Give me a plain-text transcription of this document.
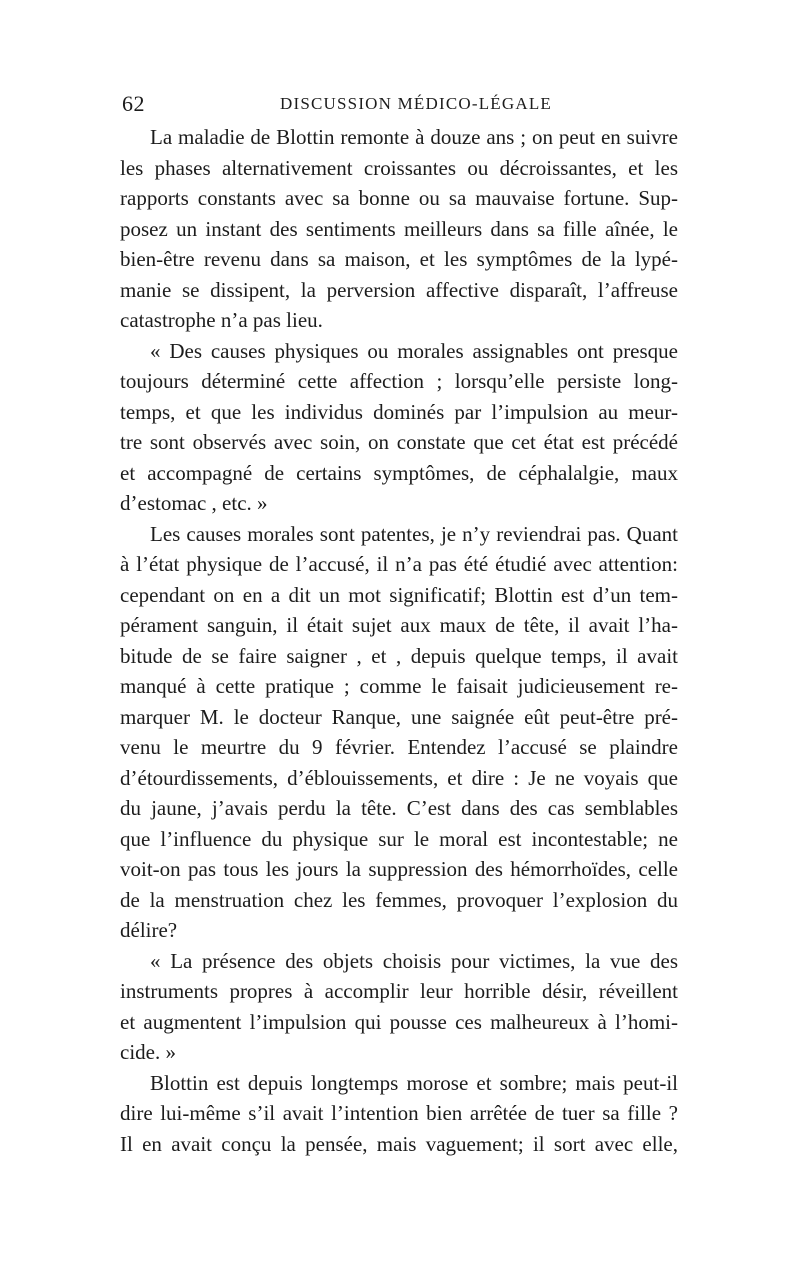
62	DISCUSSION MÉDICO-LÉGALE
La maladie de Blottin remonte à douze ans ; on peut en suivre
les phases alternativement croissantes ou décroissantes, et les
rapports constants avec sa bonne ou sa mauvaise fortune. Sup-
posez un instant des sentiments meilleurs dans sa fille aînée, le
bien-être revenu dans sa maison, et les symptômes de la lypé-
manie se dissipent, la perversion affective disparaît, l’affreuse
catastrophe n’a pas lieu.
« Des causes physiques ou morales assignables ont presque
toujours déterminé cette affection ; lorsqu’elle persiste long-
temps, et que les individus dominés par l’impulsion au meur-
tre sont observés avec soin, on constate que cet état est précédé
et accompagné de certains symptômes, de céphalalgie, maux
d’estomac , etc. »
Les causes morales sont patentes, je n’y reviendrai pas. Quant
à l’état physique de l’accusé, il n’a pas été étudié avec attention:
cependant on en a dit un mot significatif; Blottin est d’un tem-
pérament sanguin, il était sujet aux maux de tête, il avait l’ha-
bitude de se faire saigner , et , depuis quelque temps, il avait
manqué à cette pratique ; comme le faisait judicieusement re-
marquer M. le docteur Ranque, une saignée eût peut-être pré-
venu le meurtre du 9 février. Entendez l’accusé se plaindre
d’étourdissements, d’éblouissements, et dire : Je ne voyais que
du jaune, j’avais perdu la tête. C’est dans des cas semblables
que l’influence du physique sur le moral est incontestable; ne
voit-on pas tous les jours la suppression des hémorrhoïdes, celle
de la menstruation chez les femmes, provoquer l’explosion du
délire?
« La présence des objets choisis pour victimes, la vue des
instruments propres à accomplir leur horrible désir, réveillent
et augmentent l’impulsion qui pousse ces malheureux à l’homi-
cide. »
Blottin est depuis longtemps morose et sombre; mais peut-il
dire lui-même s’il avait l’intention bien arrêtée de tuer sa fille ?
Il en avait conçu la pensée, mais vaguement; il sort avec elle,
